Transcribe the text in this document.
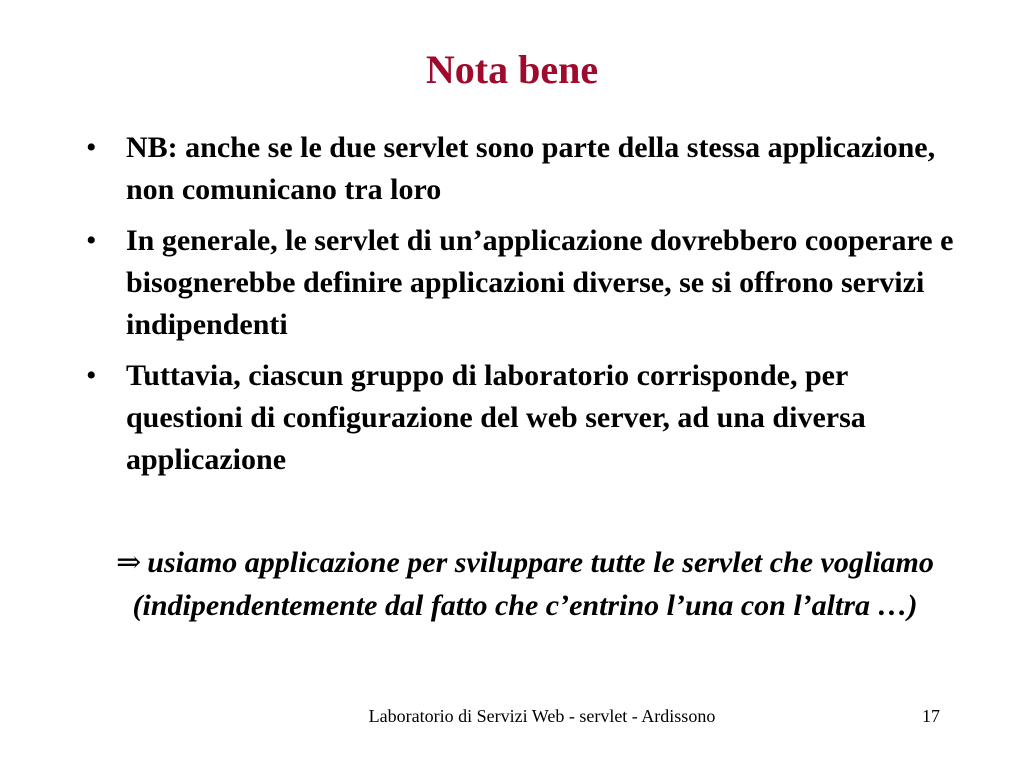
Nota bene
• NB: anche se le due servlet sono parte della stessa applicazione, non comunicano tra loro
• In generale, le servlet di un’applicazione dovrebbero cooperare e bisognerebbe definire applicazioni diverse, se si offrono servizi indipendenti
• Tuttavia, ciascun gruppo di laboratorio corrisponde, per questioni di configurazione del web server, ad una diversa applicazione
⇒ usiamo applicazione per sviluppare tutte le servlet che vogliamo (indipendentemente dal fatto che c’entrino l’una con l’altra …)
Laboratorio di Servizi Web - servlet - Ardissono	17
